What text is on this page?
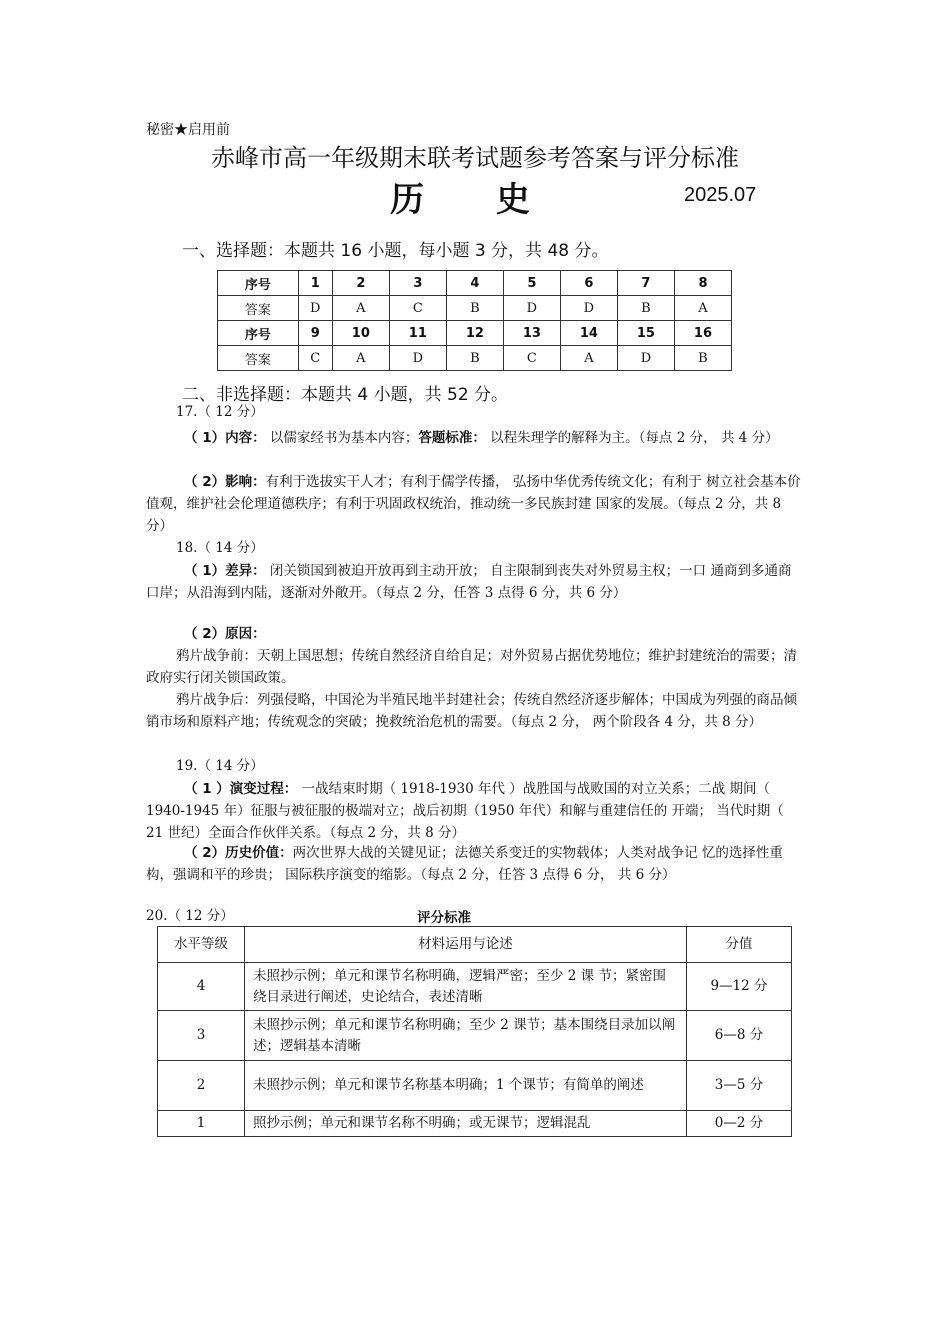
秘密★启用前
赤峰市高一年级期末联考试题参考答案与评分标准
历 史	2025.07
一、选择题：本题共 16 小题，每小题 3 分，共 48 分。
序号	1	2	3	4	5	6	7	8
答案	D	A	C	B	D	D	B	A
序号	9	10	11	12	13	14	15	16
答案	C	A	D	B	C	A	D	B
二、非选择题：本题共 4 小题，共 52 分。
17.（ 12 分）
（ 1）内容： 以儒家经书为基本内容；答题标准： 以程朱理学的解释为主。（每点 2 分， 共 4 分）
（ 2）影响：有利于选拔实干人才；有利于儒学传播， 弘扬中华优秀传统文化；有利于 树立社会基本价值观，维护社会伦理道德秩序；有利于巩固政权统治，推动统一多民族封建 国家的发展。（每点 2 分，共 8 分）
18.（ 14 分）
（ 1）差异： 闭关锁国到被迫开放再到主动开放； 自主限制到丧失对外贸易主权；一口 通商到多通商口岸；从沿海到内陆，逐渐对外敞开。（每点 2 分，任答 3 点得 6 分，共 6 分）
（ 2）原因：
鸦片战争前：天朝上国思想；传统自然经济自给自足；对外贸易占据优势地位；维护封建统治的需要；清政府实行闭关锁国政策。
鸦片战争后：列强侵略，中国沦为半殖民地半封建社会；传统自然经济逐步解体；中国成为列强的商品倾销市场和原料产地；传统观念的突破；挽救统治危机的需要。（每点 2 分， 两个阶段各 4 分，共 8 分）
19.（ 14 分）
（ 1 ）演变过程： 一战结束时期（ 1918-1930 年代 ）战胜国与战败国的对立关系；二战 期间（ 1940-1945 年）征服与被征服的极端对立；战后初期（1950 年代）和解与重建信任的 开端； 当代时期（ 21 世纪）全面合作伙伴关系。（每点 2 分，共 8 分）
（ 2）历史价值：两次世界大战的关键见证；法德关系变迁的实物载体；人类对战争记 忆的选择性重构，强调和平的珍贵； 国际秩序演变的缩影。（每点 2 分，任答 3 点得 6 分， 共 6 分）
20.（ 12 分）	评分标准
水平等级	材料运用与论述	分值
4	未照抄示例；单元和课节名称明确，逻辑严密；至少 2 课 节；紧密围绕目录进行阐述，史论结合，表述清晰	9—12 分
3	未照抄示例；单元和课节名称明确；至少 2 课节；基本围绕目录加以阐述；逻辑基本清晰	6—8 分
2	未照抄示例；单元和课节名称基本明确；1 个课节；有简单的阐述	3—5 分
1	照抄示例；单元和课节名称不明确；或无课节；逻辑混乱	0—2 分
